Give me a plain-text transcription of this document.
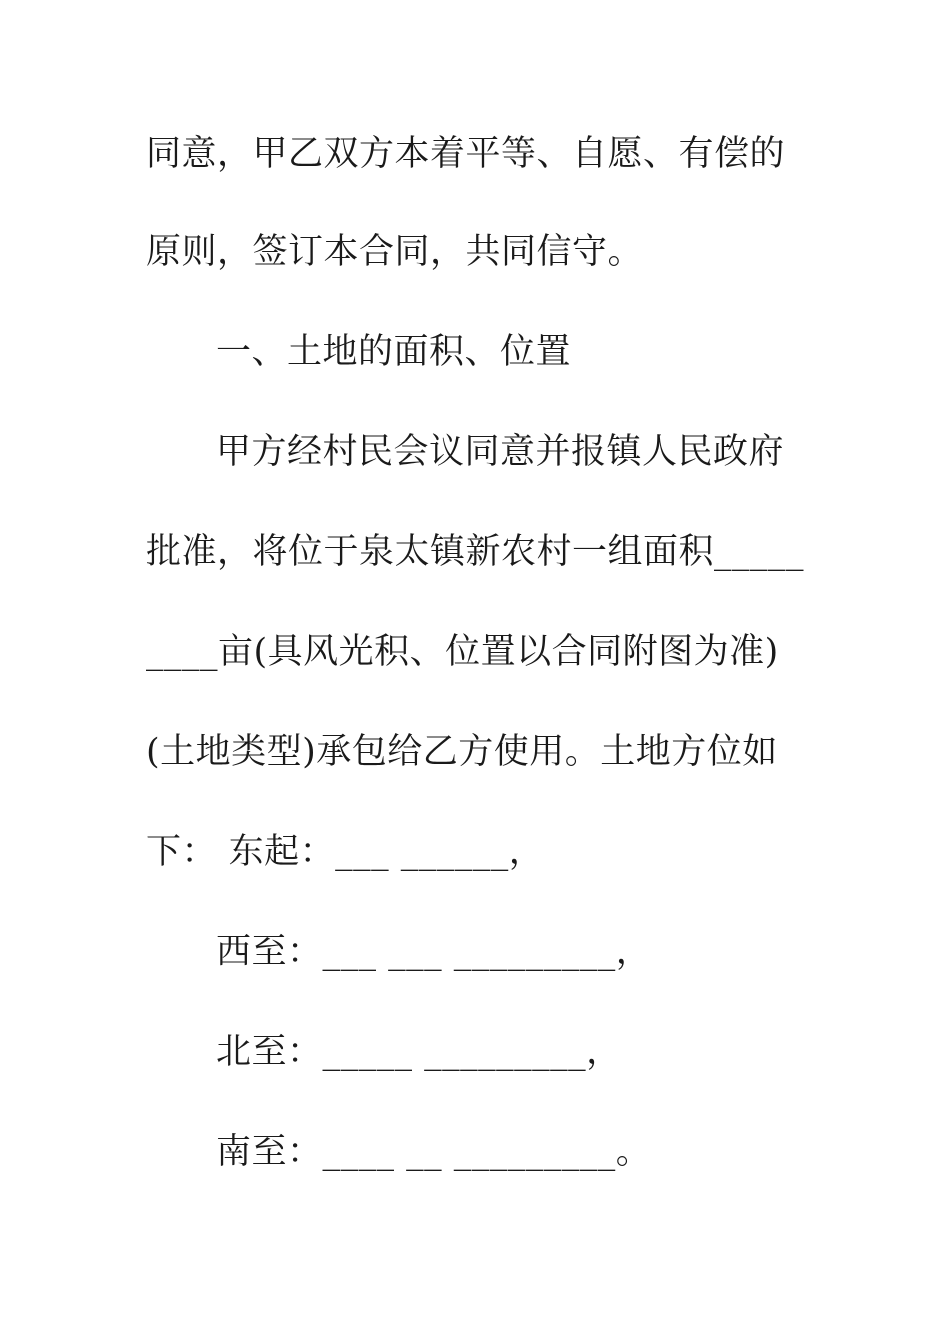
同意，甲乙双方本着平等、自愿、有偿的
原则，签订本合同，共同信守。
一、土地的面积、位置
甲方经村民会议同意并报镇人民政府
批准，将位于泉太镇新农村一组面积_____
____亩(具风光积、位置以合同附图为准)
(土地类型)承包给乙方使用。土地方位如
下： 东起：___ ______，
西至：___ ___ _________，
北至：_____ _________，
南至：____ __ _________。
